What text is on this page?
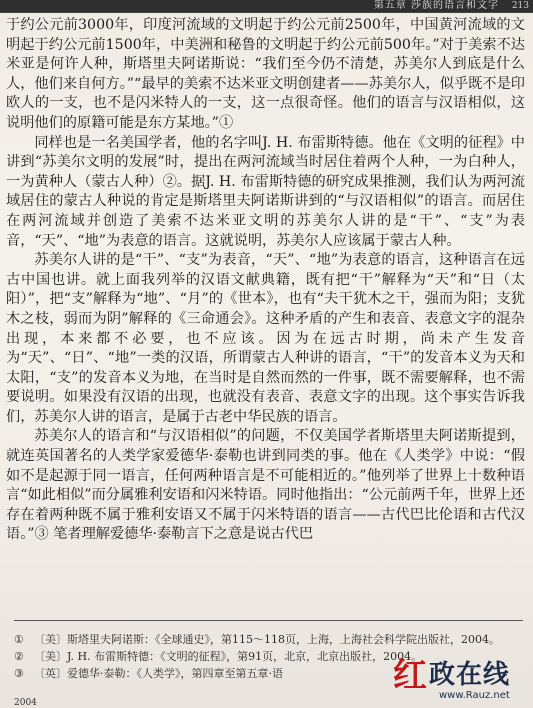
第五章 莎族的语言和文字 213

于约公元前3000年，印度河流域的文明起于约公元前2500年，中国黄河流域的文明起于约公元前1500年，中美洲和秘鲁的文明起于约公元前500年。”对于美索不达米亚是何许人种，斯塔里夫阿诺斯说：“我们至今仍不清楚，苏美尔人到底是什么人，他们来自何方。”“最早的美索不达米亚文明创建者——苏美尔人，似乎既不是印欧人的一支，也不是闪米特人的一支，这一点很奇怪。他们的语言与汉语相似，这说明他们的原籍可能是东方某地。”①

同样也是一名美国学者，他的名字叫J. H. 布雷斯特德。他在《文明的征程》中讲到“苏美尔文明的发展”时，提出在两河流域当时居住着两个人种，一为白种人，一为黄种人（蒙古人种）②。据J. H. 布雷斯特德的研究成果推测，我们认为两河流域居住的蒙古人种说的肯定是斯塔里夫阿诺斯讲到的“与汉语相似”的语言。而居住在两河流域并创造了美索不达米亚文明的苏美尔人讲的是“干”、“支”为表音，“天”、“地”为表意的语言。这就说明，苏美尔人应该属于蒙古人种。

苏美尔人讲的是“干”、“支”为表音，“天”、“地”为表意的语言，这种语言在远古中国也讲。就上面我列举的汉语文献典籍，既有把“干”解释为“天”和“日（太阳）”，把“支”解释为“地”、“月”的《世本》，也有“夫干犹木之干，强而为阳；支犹木之枝，弱而为阴”解释的《三命通会》。这种矛盾的产生和表音、表意文字的混杂出现，本来都不必要，也不应该。因为在远古时期，尚未产生发音为“天”、“日”、“地”一类的汉语，所谓蒙古人种讲的语言，“干”的发音本义为天和太阳，“支”的发音本义为地，在当时是自然而然的一件事，既不需要解释，也不需要说明。如果没有汉语的出现，也就没有表音、表意文字的出现。这个事实告诉我们，苏美尔人讲的语言，是属于古老中华民族的语言。

苏美尔人的语言和“与汉语相似”的问题，不仅美国学者斯塔里夫阿诺斯提到，就连英国著名的人类学家爱德华·泰勒也讲到同类的事。他在《人类学》中说：“假如不是起源于同一语言，任何两种语言是不可能相近的。”他列举了世界上十数种语言“如此相似”而分属雅利安语和闪米特语。同时他指出：“公元前两千年，世界上还存在着两种既不属于雅利安语又不属于闪米特语的语言——古代巴比伦语和古代汉语。”③ 笔者理解爱德华·泰勒言下之意是说古代巴

① 〔美〕斯塔里夫阿诺斯：《全球通史》，第115～118页，上海，上海社会科学院出版社，2004。
② 〔美〕J. H. 布雷斯特德：《文明的征程》，第91页，北京，北京出版社，2004。
③ 〔英〕爱德华·泰勒：《人类学》，第四章至第五章·语
2004
红 政在线
www.Rauz.net
